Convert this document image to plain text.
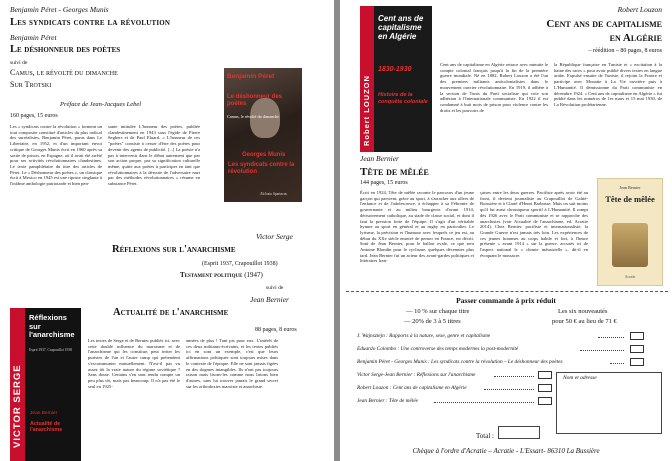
Benjamin Péret - Georges Munis
Les syndicats contre la révolution
Benjamin Péret
Le déshonneur des poètes
suivi de
Camus, le révolté du dimanche
Sur Trotski
Préface de Jean-Jacques Lebel
160 pages, 15 euros
Les « syndicats contre la révolution » forment un tout composite constitué d'articles du plus radical des surréalistes, Benjamin Péret, parus dans Le Libertaire, en 1952, et d'un important envoi critique de Georges Munis écrit en 1960 après sa sortie de prison, en Espagne, où il avait été arrêté pour ses activités révolutionnaires clandestines. Le texte pamphlétaire du titre des articles de Péret. Le « Déshonneur des poètes », un classique écrit à Mexico en 1945 est une riposte cinglante à l'infâme anthologie patriotarde et bien pen-
sante intitulée L'honneur des poètes, publiée clandestinement en 1943 sous l'égide de Pierre Seghers et de Paul Eluard. « L'honneur de ces "poètes" consiste à cesser d'être des poètes pour devenir des agents de publicité. [...] La poésie n'a pas à intervenir dans le débat autrement que par son action propre, par sa signification culturelle même, quitte aux poètes à participer en tant que révolutionnaires à la déroute de l'adversaire nazi par des méthodes révolutionnaires » résume en substance Péret.
Benjamin Péret
Le déshonneur des poètes
Camus, le révolté du dimanche
Georges Munis
Les syndicats contre la révolution
Ab Irato Spartacus
Victor Serge
Réflexions sur l'anarchisme
(Esprit 1937, Crapouillot 1938)
Testament politique (1947)
suivi de
Jean Bernier
Actualité de l'anarchisme
88 pages, 8 euros
Les textes de Serge et de Bernier publiés ici, avec cette double influence du marxisme et de l'anarchisme qui les constitue, peut irriter les puristes de l'un et l'autre camp qui prétendent s'excommunier mutuellement. N'est-il pas vu assez tôt la vraie nature du régime soviétique ? Sans doute. Certains s'en sont rendu compte un peu plus tôt, mais pas beaucoup. Il n'a pas été le seul en 1925-
années de plus ! Tant pis pour eux. L'intérêt de ces deux militants-écrivains, et les textes publiés ici en sont un exemple, c'est que leurs affirmations politiques sont toujours mises dans le contexte de l'époque. Elle ne sont jamais figées en des dogmes intangibles. Ils n'ont pas toujours raison mais lisons-les comme nous lirions bien d'autres, sans lui trouver jamais le grand secret sur les orthodoxies marxiste et anarchiste.
VICTOR SERGE
Réflexions sur l'anarchisme
Esprit 1937, Crapouillot 1938
Jean Bernier
Actualité de l'anarchisme
Robert LOUZON
Cent ans de capitalisme en Algérie
1830-1930
Histoire de la conquête coloniale
Robert Louzon
Cent ans de capitalisme
en Algérie
– réédition – 80 pages, 8 euros
Cent ans de capitalisme en Algérie retrace avec minutie le compte colonial français jusqu'à la fin de la première guerre mondiale. Né en 1882, Robert Louzon a été l'un des premiers militants anticolonialistes dans le mouvement ouvrier révolutionnaire. En 1919, il adhère à la section de Tunis du Parti socialiste qui vote son adhésion à l'Internationale communiste. En 1922 il est condamné à huit mois de prison pour violence contre les droits et les pouvoirs de
la République française en Tunisie et « excitation à la haine des races » pour avoir publié divers textes en langue arabe. Expulsé ensuite de Tunisie, il rejoint la France et participe avec Monatte à La Vie ouvrière puis à L'Humanité. Il démissionne du Parti communiste en décembre 1924. « Cent ans de capitalisme en Algérie » fut publié dans les numéros de 1er mars et 15 mai 1930, de La Révolution prolétarienne.
Jean Bernier
Tête de mêlée
144 pages, 15 euros
Écrit en 1924, Tête de mêlée raconte le parcours d'un jeune garçon qui parvient, grâce au sport, à s'arracher aux affres de l'enfance et de l'adolescence, à échapper à sa Fébronie de gouvernante et au milieu bourgeois d'avant 1914, dérisoirement catholique, au stade de classe social, et dont il faut la pression forte de l'équipe. Il s'agit d'un véritable hymne au sport en général et au rugby en particulier. Le lyrisme, la précision et l'humour avec lesquels ce jeu est, au début du XXe siècle enserré de penser en France, est décrit. Sont de Jean Bernier, pour le ballon ovale, ce que sera Antoine Blondin pour le cyclisme, quelques décennies plus tard. Jean Bernier fut un acteur des avant-gardes politiques et littéraires fran-
çaises entre les deux guerres. Pacifiste après avoir été au front, il devient journaliste au Crapouillot de Galtié-Boissière et à Clarté d'Henri Barbusse. Mais on sait moins qu'il fut aussi chroniqueur sportif à L'Humanité. Il rompt dès 1926 avec le Parti communiste et se rapproche des anarchistes (voir Actualité de l'anarchisme, ed. Acratie 2014). Chez Bernier, pacifiste et internationaliste, la Grande Guerre n'est jamais très loin. Les expériences de ces jeunes hommes au corps habile et fort, à l'heure présente « avant 1914 » sur la guerre, accusés ici de l'aspect national le « chimie industrielle », dit-il en évoquant le massacre.
Jean Bernier
Tête de mêlée
Acratie
Passer commande à prix réduit
— 10 % sur chaque titre
— 20% de 3 à 5 titres
Les six nouveautés
pour 50 € au lieu de 71 €
J. Wajnsztejn : Rapports à la nature, sexe, genre et capitalisme
Eduardo Colombo : Une controverse des temps modernes la post-modernité
Benjamin Péret - Georges Munis : Les syndicats contre la révolution – Le déshonneur des poètes
Victor Serge-Jean Bernier : Réflexions sur l'anarchisme
Robert Louzon : Cent ans de capitalisme en Algérie
Jean Bernier : Tête de mêlée
Nom et adresse
Total :
Chèque à l'ordre d'Acratie – Acratie - L'Essart- 86310 La Bussière
